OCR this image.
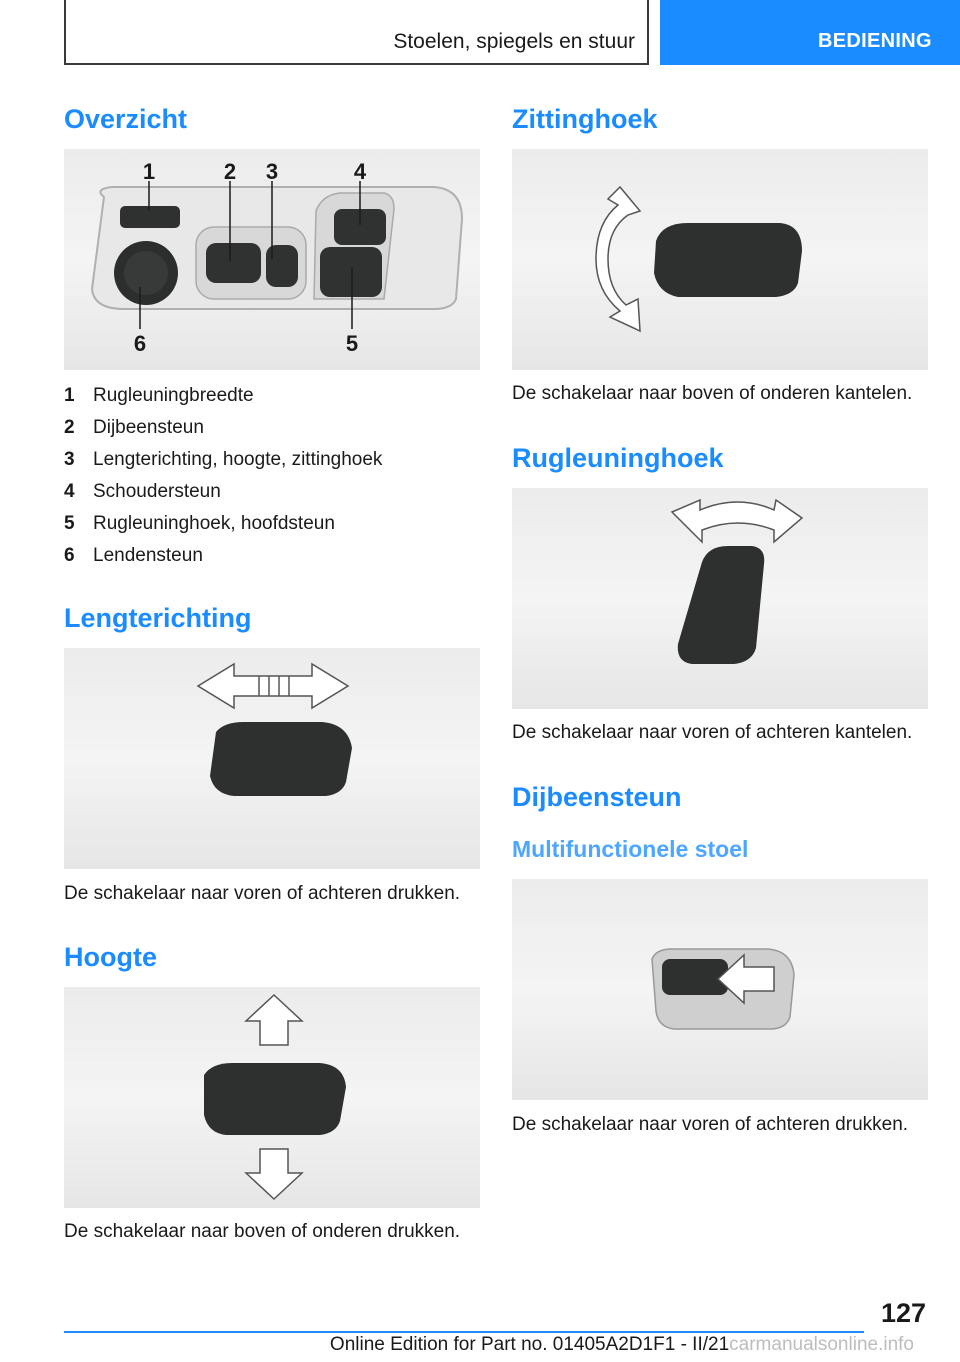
Stoelen, spiegels en stuur	BEDIENING
Overzicht
1	2 3	4
5
6
1 Rugleuningbreedte
2 Dijbeensteun
3 Lengterichting, hoogte, zittinghoek
4 Schoudersteun
5 Rugleuninghoek, hoofdsteun
6 Lendensteun
Lengterichting
De schakelaar naar voren of achteren drukken.
Hoogte
De schakelaar naar boven of onderen drukken.
Zittinghoek
De schakelaar naar boven of onderen kantelen.
Rugleuninghoek
De schakelaar naar voren of achteren kantelen.
Dijbeensteun
Multifunctionele stoel
De schakelaar naar voren of achteren drukken.
127
Online Edition for Part no. 01405A2D1F1 - II/21carmanualsonline.info
